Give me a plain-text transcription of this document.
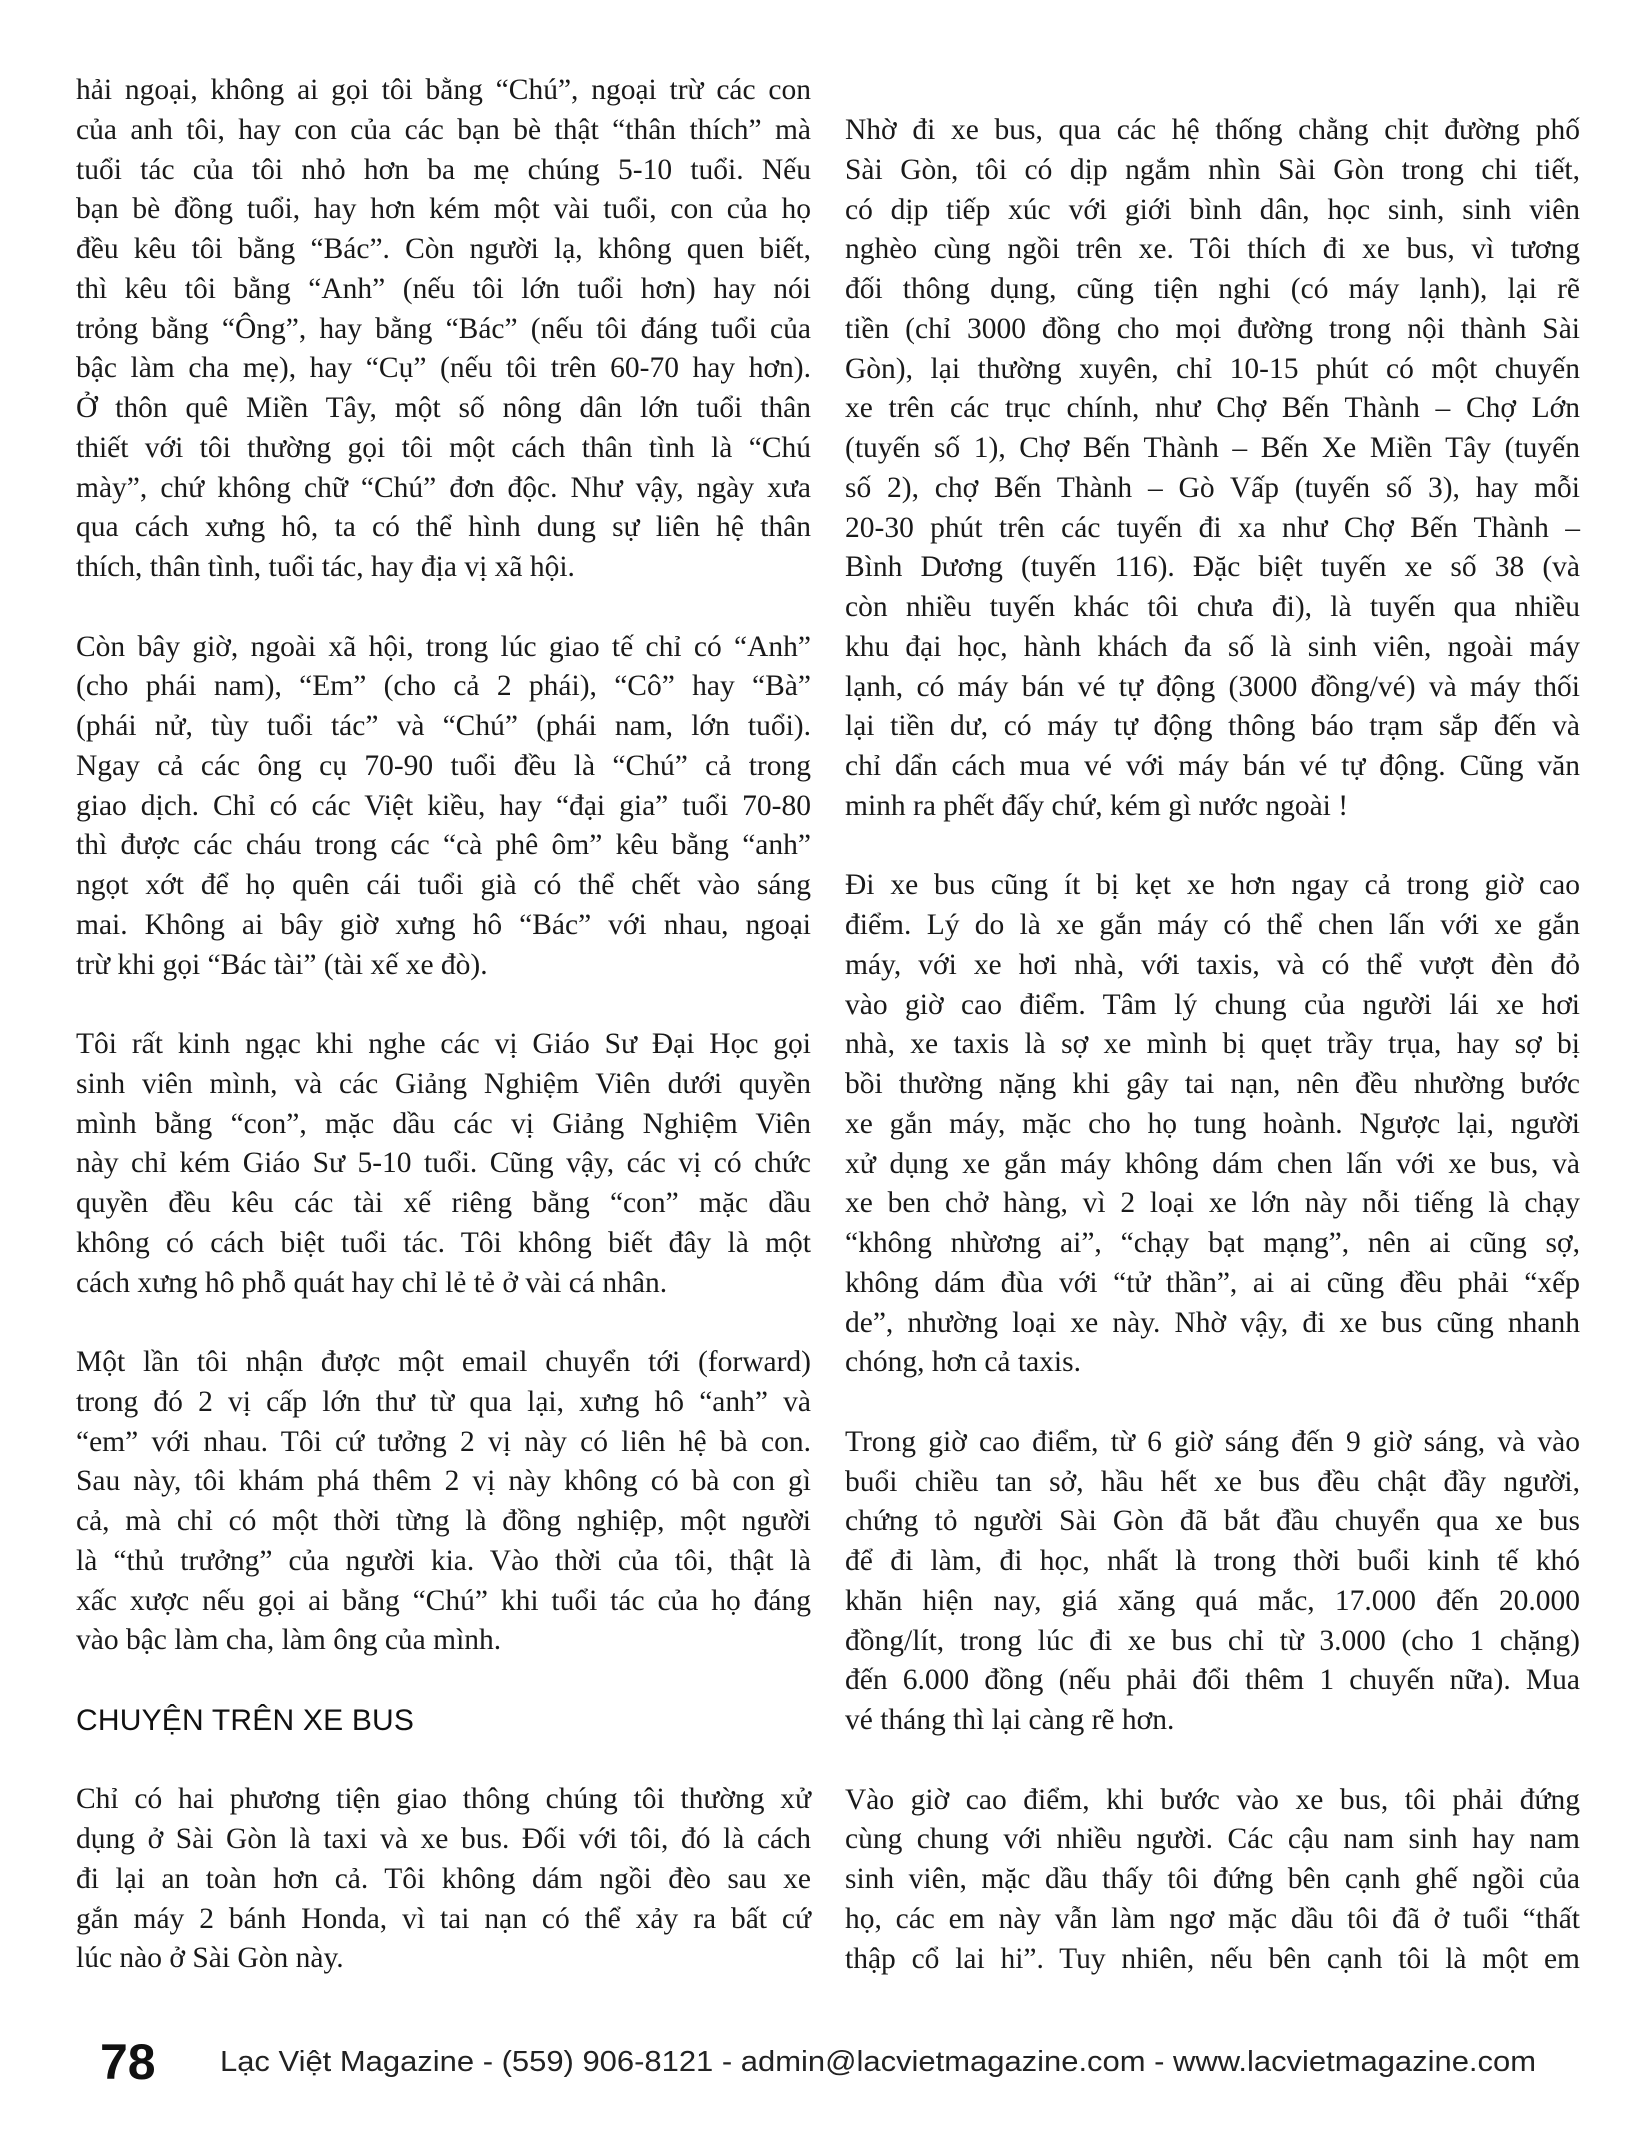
hải ngoại, không ai gọi tôi bằng “Chú”, ngoại trừ các con
của anh tôi, hay con của các bạn bè thật “thân thích” mà
tuổi tác của tôi nhỏ hơn ba mẹ chúng 5-10 tuổi. Nếu
bạn bè đồng tuổi, hay hơn kém một vài tuổi, con của họ
đều kêu tôi bằng “Bác”. Còn người lạ, không quen biết,
thì kêu tôi bằng “Anh” (nếu tôi lớn tuổi hơn) hay nói
trỏng bằng “Ông”, hay bằng “Bác” (nếu tôi đáng tuổi của
bậc làm cha mẹ), hay “Cụ” (nếu tôi trên 60-70 hay hơn).
Ở thôn quê Miền Tây, một số nông dân lớn tuổi thân
thiết với tôi thường gọi tôi một cách thân tình là “Chú
mày”, chứ không chữ “Chú” đơn độc. Như vậy, ngày xưa
qua cách xưng hô, ta có thể hình dung sự liên hệ thân
thích, thân tình, tuổi tác, hay địa vị xã hội.
Còn bây giờ, ngoài xã hội, trong lúc giao tế chỉ có “Anh”
(cho phái nam), “Em” (cho cả 2 phái), “Cô” hay “Bà”
(phái nử, tùy tuổi tác” và “Chú” (phái nam, lớn tuổi).
Ngay cả các ông cụ 70-90 tuổi đều là “Chú” cả trong
giao dịch. Chỉ có các Việt kiều, hay “đại gia” tuổi 70-80
thì được các cháu trong các “cà phê ôm” kêu bằng “anh”
ngọt xớt để họ quên cái tuổi già có thể chết vào sáng
mai. Không ai bây giờ xưng hô “Bác” với nhau, ngoại
trừ khi gọi “Bác tài” (tài xế xe đò).
Tôi rất kinh ngạc khi nghe các vị Giáo Sư Đại Học gọi
sinh viên mình, và các Giảng Nghiệm Viên dưới quyền
mình bằng “con”, mặc dầu các vị Giảng Nghiệm Viên
này chỉ kém Giáo Sư 5-10 tuổi. Cũng vậy, các vị có chức
quyền đều kêu các tài xế riêng bằng “con” mặc dầu
không có cách biệt tuổi tác. Tôi không biết đây là một
cách xưng hô phỗ quát hay chỉ lẻ tẻ ở vài cá nhân.
Một lần tôi nhận được một email chuyển tới (forward)
trong đó 2 vị cấp lớn thư từ qua lại, xưng hô “anh” và
“em” với nhau. Tôi cứ tưởng 2 vị này có liên hệ bà con.
Sau này, tôi khám phá thêm 2 vị này không có bà con gì
cả, mà chỉ có một thời từng là đồng nghiệp, một người
là “thủ trưởng” của người kia. Vào thời của tôi, thật là
xấc xược nếu gọi ai bằng “Chú” khi tuổi tác của họ đáng
vào bậc làm cha, làm ông của mình.
CHUYỆN TRÊN XE BUS
Chỉ có hai phương tiện giao thông chúng tôi thường xử
dụng ở Sài Gòn là taxi và xe bus. Đối với tôi, đó là cách
đi lại an toàn hơn cả. Tôi không dám ngồi đèo sau xe
gắn máy 2 bánh Honda, vì tai nạn có thể xảy ra bất cứ
lúc nào ở Sài Gòn này.
Nhờ đi xe bus, qua các hệ thống chằng chịt đường phố
Sài Gòn, tôi có dịp ngắm nhìn Sài Gòn trong chi tiết,
có dịp tiếp xúc với giới bình dân, học sinh, sinh viên
nghèo cùng ngồi trên xe. Tôi thích đi xe bus, vì tương
đối thông dụng, cũng tiện nghi (có máy lạnh), lại rẽ
tiền (chỉ 3000 đồng cho mọi đường trong nội thành Sài
Gòn), lại thường xuyên, chỉ 10-15 phút có một chuyến
xe trên các trục chính, như Chợ Bến Thành – Chợ Lớn
(tuyến số 1), Chợ Bến Thành – Bến Xe Miền Tây (tuyến
số 2), chợ Bến Thành – Gò Vấp (tuyến số 3), hay mỗi
20-30 phút trên các tuyến đi xa như Chợ Bến Thành –
Bình Dương (tuyến 116). Đặc biệt tuyến xe số 38 (và
còn nhiều tuyến khác tôi chưa đi), là tuyến qua nhiều
khu đại học, hành khách đa số là sinh viên, ngoài máy
lạnh, có máy bán vé tự động (3000 đồng/vé) và máy thối
lại tiền dư, có máy tự động thông báo trạm sắp đến và
chỉ dẩn cách mua vé với máy bán vé tự động. Cũng văn
minh ra phết đấy chứ, kém gì nước ngoài !
Đi xe bus cũng ít bị kẹt xe hơn ngay cả trong giờ cao
điểm. Lý do là xe gắn máy có thể chen lấn với xe gắn
máy, với xe hơi nhà, với taxis, và có thể vượt đèn đỏ
vào giờ cao điểm. Tâm lý chung của người lái xe hơi
nhà, xe taxis là sợ xe mình bị quẹt trầy trụa, hay sợ bị
bồi thường nặng khi gây tai nạn, nên đều nhường bước
xe gắn máy, mặc cho họ tung hoành. Ngược lại, người
xử dụng xe gắn máy không dám chen lấn với xe bus, và
xe ben chở hàng, vì 2 loại xe lớn này nỗi tiếng là chạy
“không nhừơng ai”, “chạy bạt mạng”, nên ai cũng sợ,
không dám đùa với “tử thần”, ai ai cũng đều phải “xếp
de”, nhường loại xe này. Nhờ vậy, đi xe bus cũng nhanh
chóng, hơn cả taxis.
Trong giờ cao điểm, từ 6 giờ sáng đến 9 giờ sáng, và vào
buổi chiều tan sở, hầu hết xe bus đều chật đầy người,
chứng tỏ người Sài Gòn đã bắt đầu chuyển qua xe bus
để đi làm, đi học, nhất là trong thời buổi kinh tế khó
khăn hiện nay, giá xăng quá mắc, 17.000 đến 20.000
đồng/lít, trong lúc đi xe bus chỉ từ 3.000 (cho 1 chặng)
đến 6.000 đồng (nếu phải đổi thêm 1 chuyến nữa). Mua
vé tháng thì lại càng rẽ hơn.
Vào giờ cao điểm, khi bước vào xe bus, tôi phải đứng
cùng chung với nhiều người. Các cậu nam sinh hay nam
sinh viên, mặc dầu thấy tôi đứng bên cạnh ghế ngồi của
họ, các em này vẫn làm ngơ mặc dầu tôi đã ở tuổi “thất
thập cổ lai hi”. Tuy nhiên, nếu bên cạnh tôi là một em
78 Lạc Việt Magazine - (559) 906-8121 - admin@lacvietmagazine.com - www.lacvietmagazine.com
